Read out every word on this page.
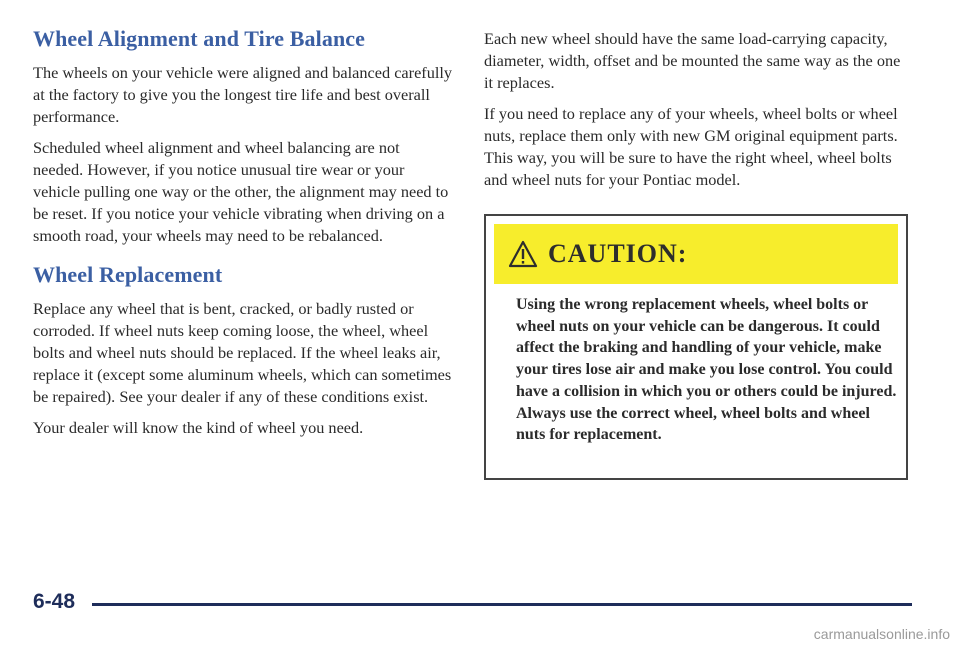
Wheel Alignment and Tire Balance

The wheels on your vehicle were aligned and balanced carefully at the factory to give you the longest tire life and best overall performance.

Scheduled wheel alignment and wheel balancing are not needed. However, if you notice unusual tire wear or your vehicle pulling one way or the other, the alignment may need to be reset. If you notice your vehicle vibrating when driving on a smooth road, your wheels may need to be rebalanced.

Wheel Replacement

Replace any wheel that is bent, cracked, or badly rusted or corroded. If wheel nuts keep coming loose, the wheel, wheel bolts and wheel nuts should be replaced. If the wheel leaks air, replace it (except some aluminum wheels, which can sometimes be repaired). See your dealer if any of these conditions exist.

Your dealer will know the kind of wheel you need.

Each new wheel should have the same load-carrying capacity, diameter, width, offset and be mounted the same way as the one it replaces.

If you need to replace any of your wheels, wheel bolts or wheel nuts, replace them only with new GM original equipment parts. This way, you will be sure to have the right wheel, wheel bolts and wheel nuts for your Pontiac model.

CAUTION:
Using the wrong replacement wheels, wheel bolts or wheel nuts on your vehicle can be dangerous. It could affect the braking and handling of your vehicle, make your tires lose air and make you lose control. You could have a collision in which you or others could be injured. Always use the correct wheel, wheel bolts and wheel nuts for replacement.
6-48
carmanualsonline.info
